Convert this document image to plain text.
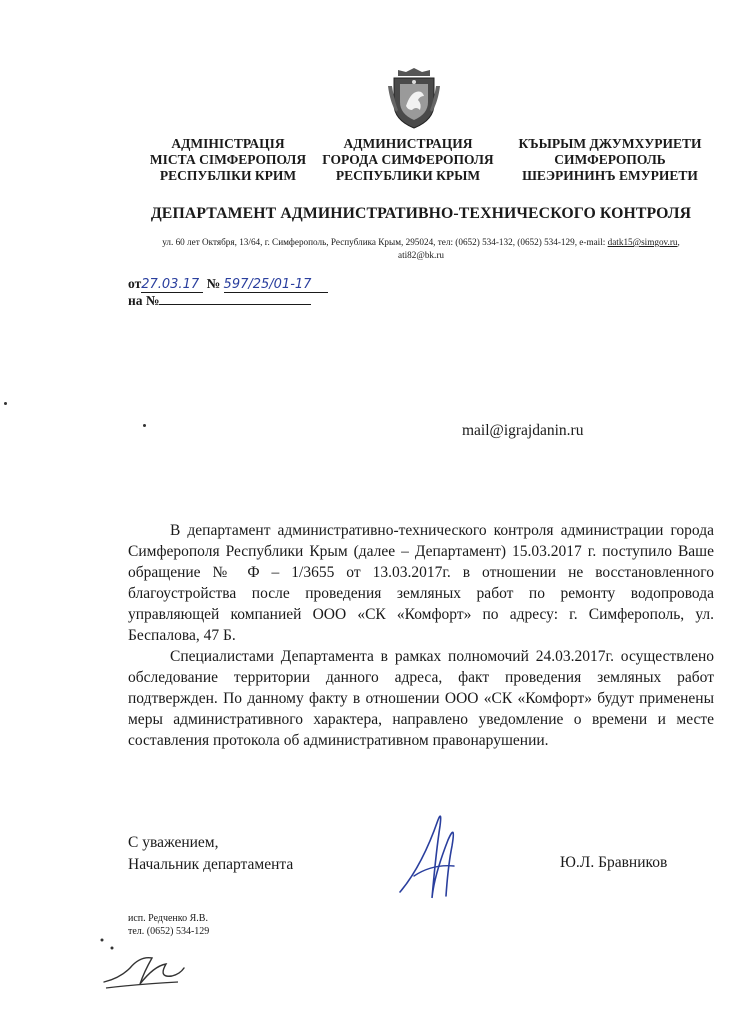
АДМІНІСТРАЦІЯ
МІСТА СІМФЕРОПОЛЯ
РЕСПУБЛІКИ КРИМ
АДМИНИСТРАЦИЯ
ГОРОДА СИМФЕРОПОЛЯ
РЕСПУБЛИКИ КРЫМ
КЪЫРЫМ ДЖУМХУРИЕТИ
СИМФЕРОПОЛЬ
ШЕЭРИНИНЪ ЕМУРИЕТИ
ДЕПАРТАМЕНТ АДМИНИСТРАТИВНО-ТЕХНИЧЕСКОГО КОНТРОЛЯ
ул. 60 лет Октября, 13/64, г. Симферополь, Республика Крым, 295024, тел: (0652) 534-132, (0652) 534-129, e-mail: datk15@simgov.ru,
ati82@bk.ru
от27.03.17 № 597/25/01-17
на №
mail@igrajdanin.ru

В департамент административно-технического контроля администрации города Симферополя Республики Крым (далее – Департамент) 15.03.2017 г. поступило Ваше обращение № Ф – 1/3655 от 13.03.2017г. в отношении не восстановленного благоустройства после проведения земляных работ по ремонту водопровода управляющей компанией ООО «СК «Комфорт» по адресу: г. Симферополь, ул. Беспалова, 47 Б.

Специалистами Департамента в рамках полномочий 24.03.2017г. осуществлено обследование территории данного адреса, факт проведения земляных работ подтвержден. По данному факту в отношении ООО «СК «Комфорт» будут применены меры административного характера, направлено уведомление о времени и месте составления протокола об административном правонарушении.

С уважением,
Начальник департамента	Ю.Л. Бравников
исп. Редченко Я.В.
тел. (0652) 534-129
